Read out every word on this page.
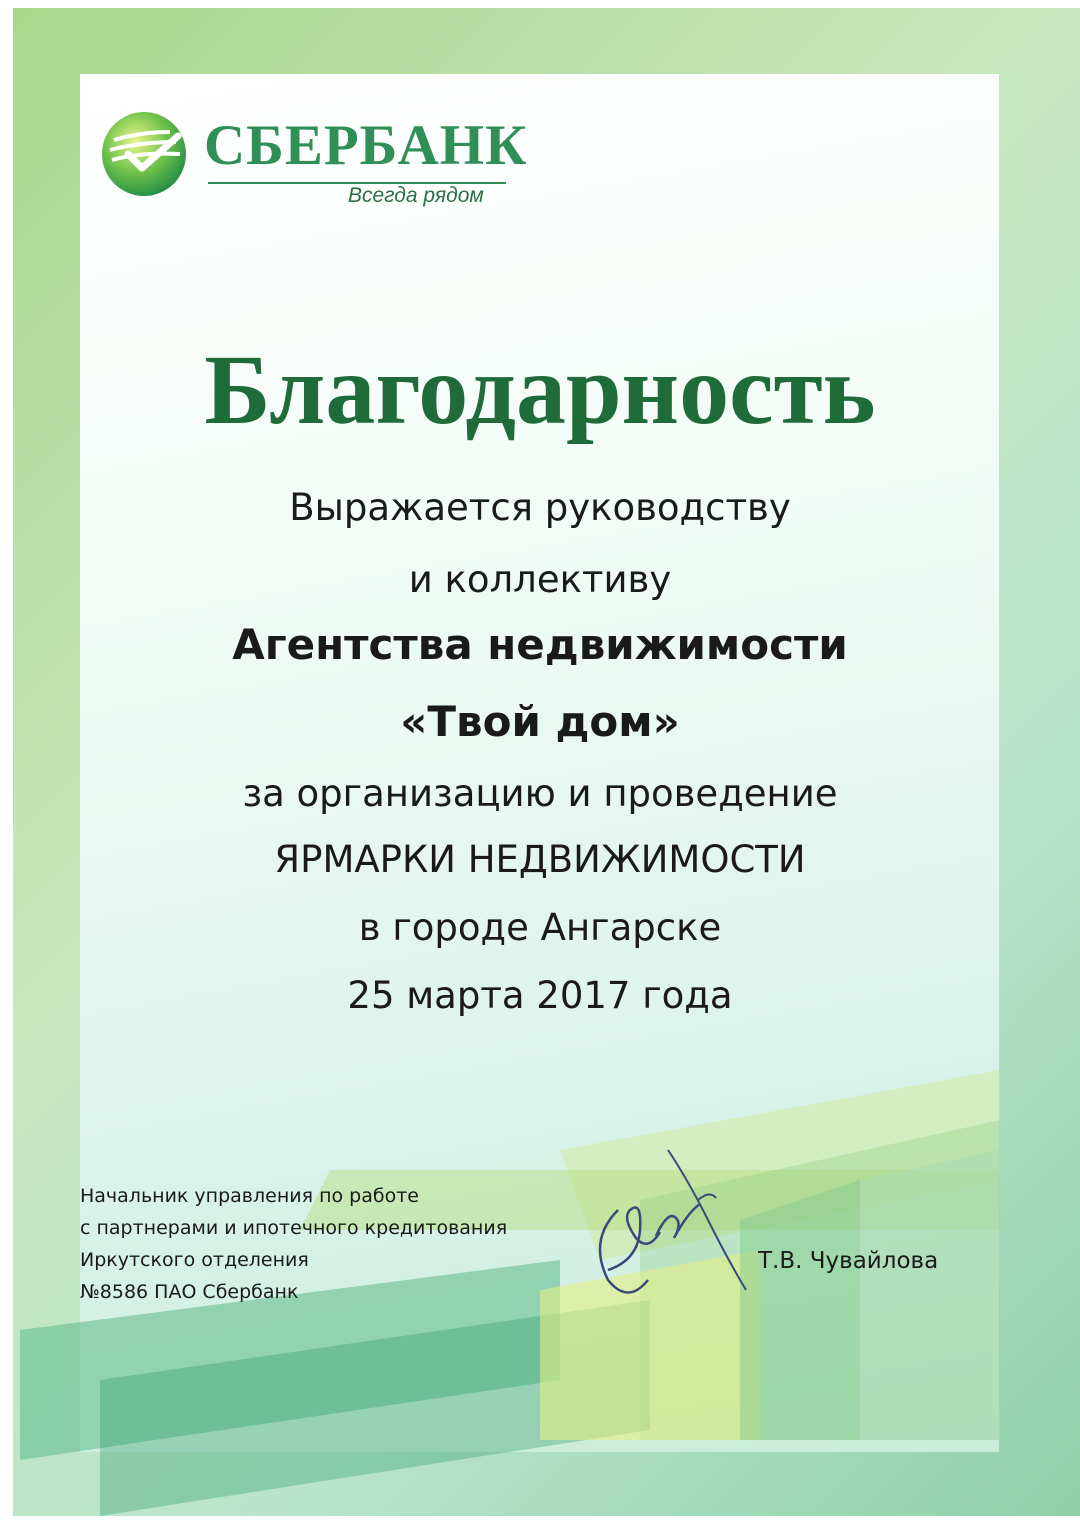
СБЕРБАНК
Всегда рядом
Благодарность
Выражается руководству
и коллективу
Агентства недвижимости
«Твой дом»
за организацию и проведение
ЯРМАРКИ НЕДВИЖИМОСТИ
в городе Ангарске
25 марта 2017 года
Начальник управления по работе
с партнерами и ипотечного кредитования
Иркутского отделения
№8586 ПАО Сбербанк
Т.В. Чувайлова
